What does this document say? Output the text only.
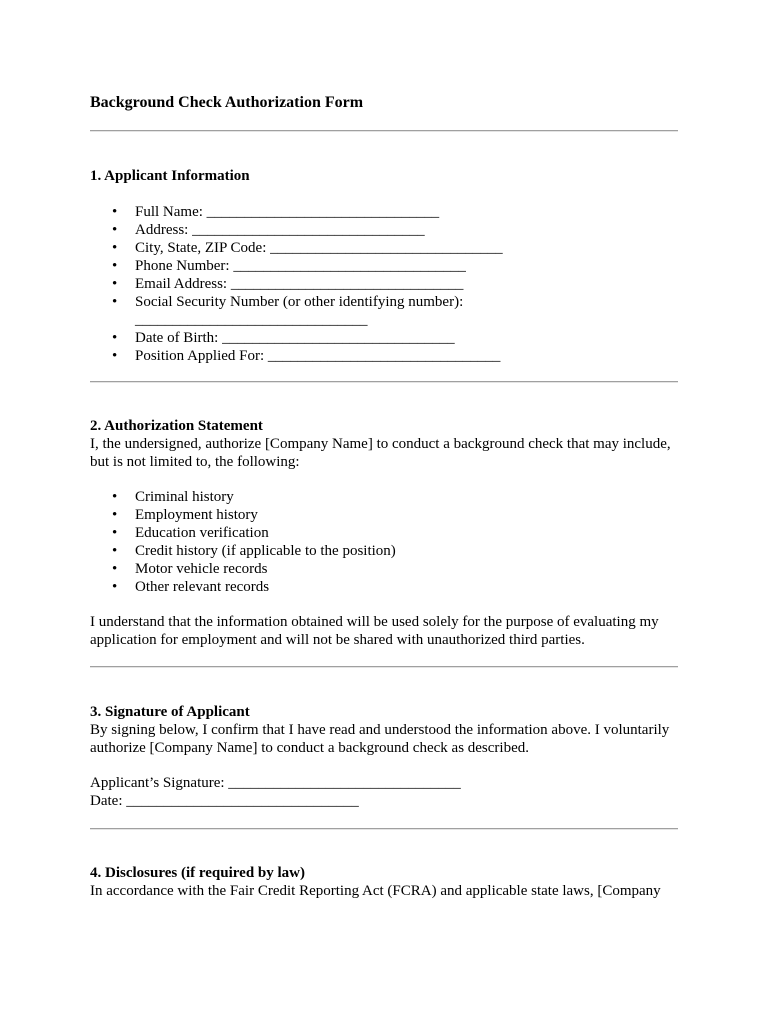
Background Check Authorization Form
1. Applicant Information
• Full Name: _______________________________
• Address: _______________________________
• City, State, ZIP Code: _______________________________
• Phone Number: _______________________________
• Email Address: _______________________________
• Social Security Number (or other identifying number): _______________________________
• Date of Birth: _______________________________
• Position Applied For: _______________________________
2. Authorization Statement

I, the undersigned, authorize [Company Name] to conduct a background check that may include, but is not limited to, the following:

• Criminal history
• Employment history
• Education verification
• Credit history (if applicable to the position)
• Motor vehicle records
• Other relevant records

I understand that the information obtained will be used solely for the purpose of evaluating my application for employment and will not be shared with unauthorized third parties.

3. Signature of Applicant

By signing below, I confirm that I have read and understood the information above. I voluntarily authorize [Company Name] to conduct a background check as described.

Applicant’s Signature: _______________________________
Date: _______________________________
4. Disclosures (if required by law)
In accordance with the Fair Credit Reporting Act (FCRA) and applicable state laws, [Company
